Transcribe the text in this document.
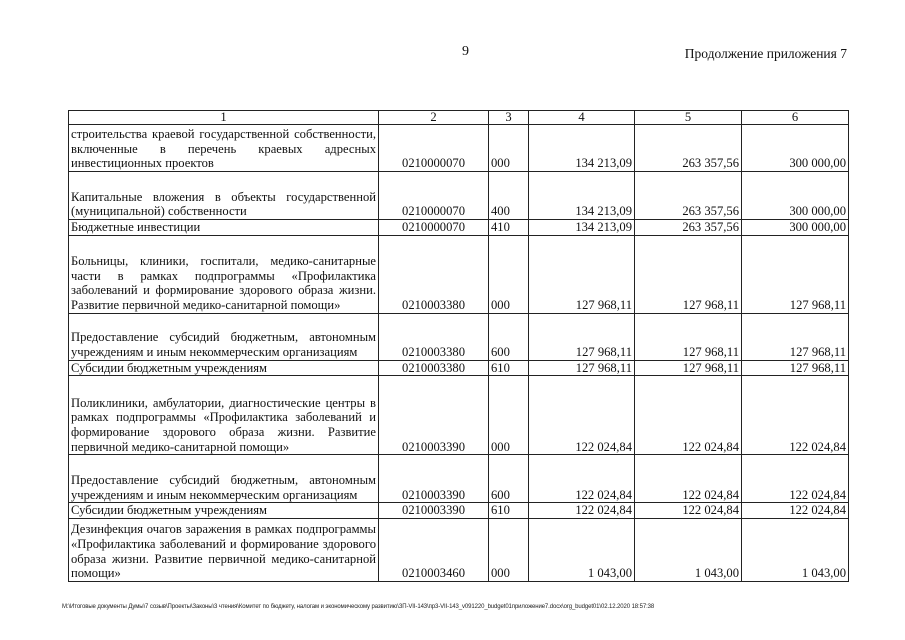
9	Продолжение приложения 7
1	2	3	4	5	6
строительства краевой государственной собственности, включенные в перечень краевых адресных инвестиционных проектов	0210000070	000	134 213,09	263 357,56	300 000,00
Капитальные вложения в объекты государственной (муниципальной) собственности	0210000070	400	134 213,09	263 357,56	300 000,00
Бюджетные инвестиции	0210000070	410	134 213,09	263 357,56	300 000,00
Больницы, клиники, госпитали, медико-санитарные части в рамках подпрограммы «Профилактика заболеваний и формирование здорового образа жизни. Развитие первичной медико-санитарной помощи»	0210003380	000	127 968,11	127 968,11	127 968,11
Предоставление субсидий бюджетным, автономным учреждениям и иным некоммерческим организациям	0210003380	600	127 968,11	127 968,11	127 968,11
Субсидии бюджетным учреждениям	0210003380	610	127 968,11	127 968,11	127 968,11
Поликлиники, амбулатории, диагностические центры в рамках подпрограммы «Профилактика заболеваний и формирование здорового образа жизни. Развитие первичной медико-санитарной помощи»	0210003390	000	122 024,84	122 024,84	122 024,84
Предоставление субсидий бюджетным, автономным учреждениям и иным некоммерческим организациям	0210003390	600	122 024,84	122 024,84	122 024,84
Субсидии бюджетным учреждениям	0210003390	610	122 024,84	122 024,84	122 024,84
Дезинфекция очагов заражения в рамках подпрограммы «Профилактика заболеваний и формирование здорового образа жизни. Развитие первичной медико-санитарной помощи»	0210003460	000	1 043,00	1 043,00	1 043,00
М:\Итоговые документы Думы\7 созыв\Проекты\Законы\3 чтения\Комитет по бюджету, налогам и экономическому развитию\ЗП-VII-143\пр3-VII-143_v091220_budget01приложение7.docx\org_budget01\02.12.2020 18:57:38
